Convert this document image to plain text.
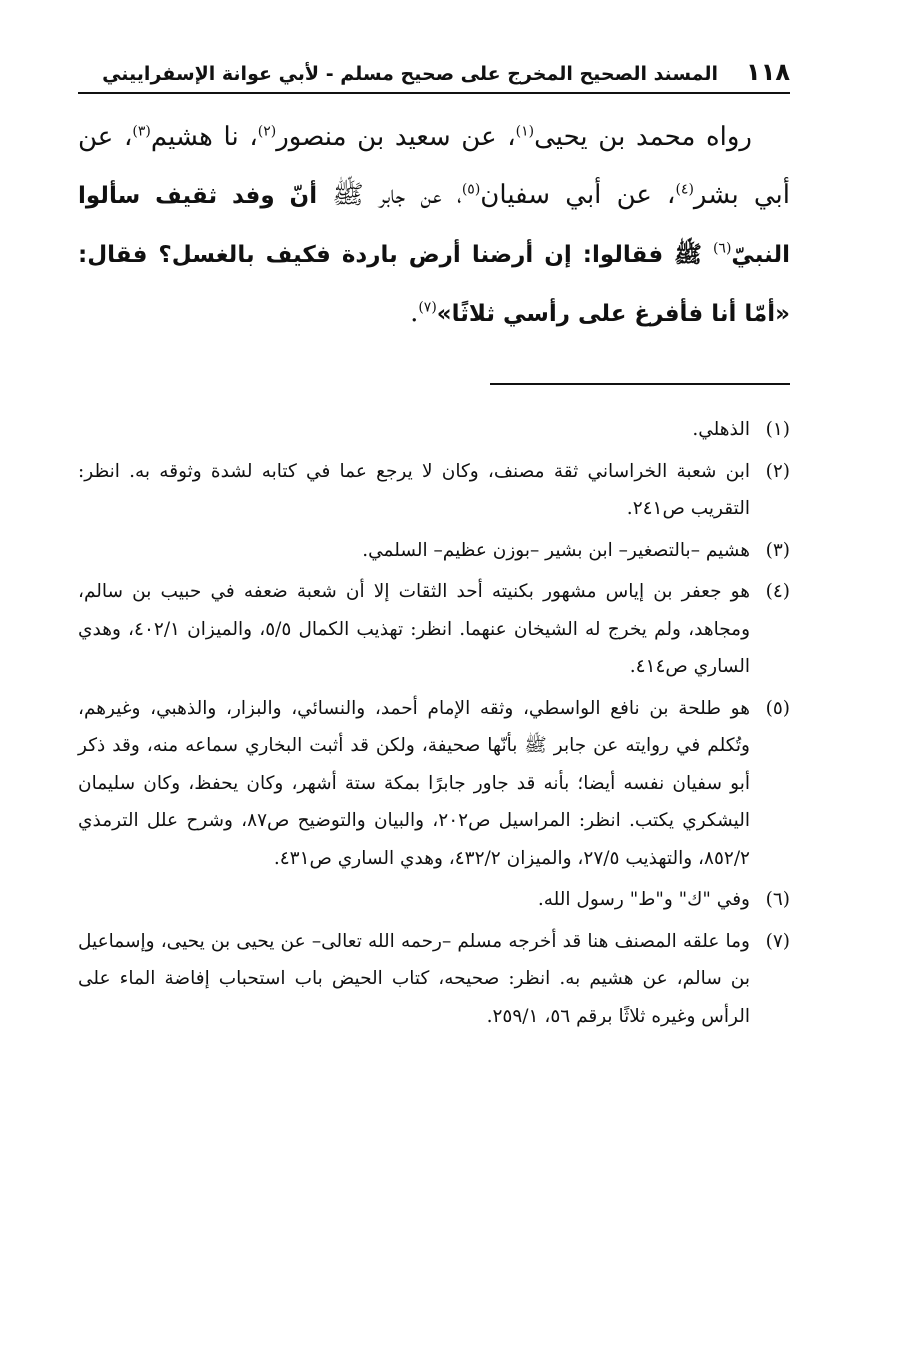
١١٨
المسند الصحيح المخرج على صحيح مسلم - لأبي عوانة الإسفراييني

رواه محمد بن يحيى$^{(١)}$، عن سعيد بن منصور$^{(٢)}$، نا هشيم$^{(٣)}$، عن أبي بشر$^{(٤)}$، عن أبي سفيان$^{(٥)}$، عن جابر ﷺ أنّ وفد ثقيف سألوا النبيّ$^{(٦)}$ ﷺ فقالوا: إن أرضنا أرض باردة فكيف بالغسل؟ فقال: «أمّا أنا فأفرغ على رأسي ثلاثًا»$^{(٧)}$.

(١)
الذهلي.
(٢)
ابن شعبة الخراساني ثقة مصنف، وكان لا يرجع عما في كتابه لشدة وثوقه به. انظر: التقريب ص٢٤١.
(٣)
هشيم –بالتصغير– ابن بشير –بوزن عظيم– السلمي.
(٤)
هو جعفر بن إياس مشهور بكنيته أحد الثقات إلا أن شعبة ضعفه في حبيب بن سالم، ومجاهد، ولم يخرج له الشيخان عنهما. انظر: تهذيب الكمال ٥/٥، والميزان ٤٠٢/١، وهدي الساري ص٤١٤.
(٥)
هو طلحة بن نافع الواسطي، وثقه الإمام أحمد، والنسائي، والبزار، والذهبي، وغيرهم، وتُكلم في روايته عن جابر ﷺ بأنّها صحيفة، ولكن قد أثبت البخاري سماعه منه، وقد ذكر أبو سفيان نفسه أيضا؛ بأنه قد جاور جابرًا بمكة ستة أشهر، وكان يحفظ، وكان سليمان اليشكري يكتب. انظر: المراسيل ص٢٠٢، والبيان والتوضيح ص٨٧، وشرح علل الترمذي ٨٥٢/٢، والتهذيب ٢٧/٥، والميزان ٤٣٢/٢، وهدي الساري ص٤٣١.
(٦)
وفي "ك" و"ط" رسول الله.
(٧)
وما علقه المصنف هنا قد أخرجه مسلم –رحمه الله تعالى– عن يحيى بن يحيى، وإسماعيل بن سالم، عن هشيم به. انظر: صحيحه، كتاب الحيض باب استحباب إفاضة الماء على الرأس وغيره ثلاثًا برقم ٥٦، ٢٥٩/١.
